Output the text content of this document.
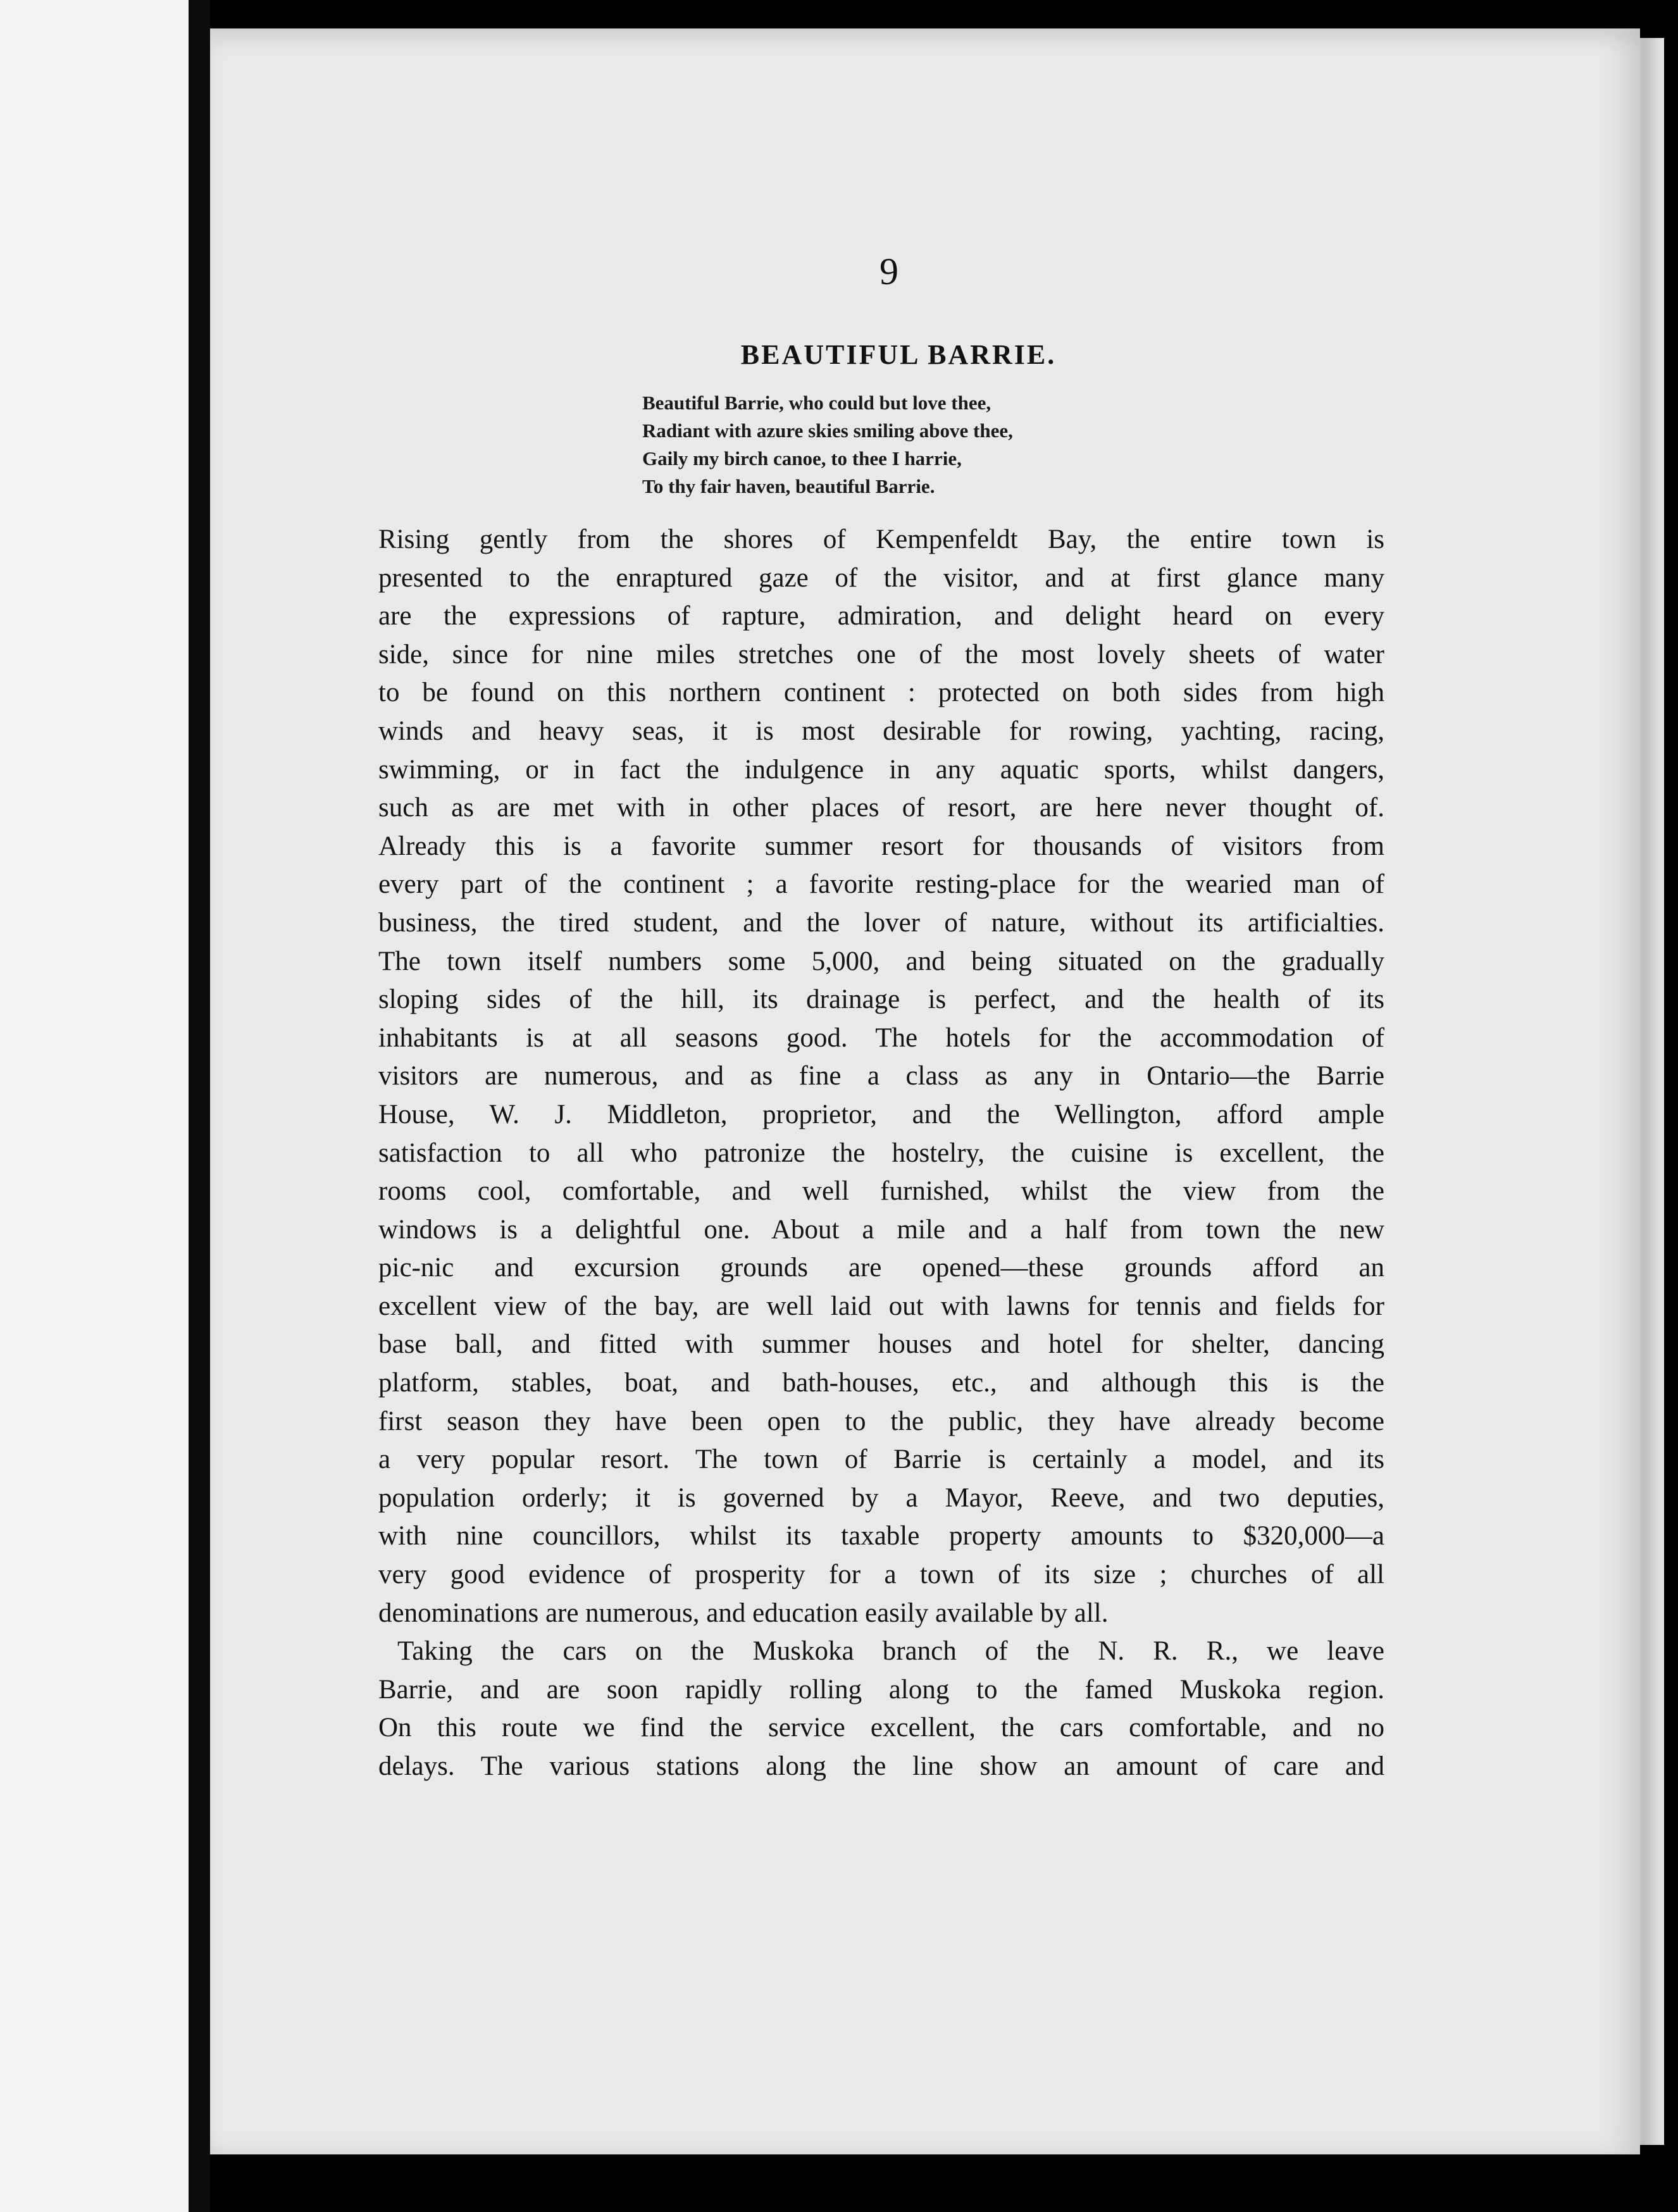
9
BEAUTIFUL BARRIE.
Beautiful Barrie, who could but love thee,
Radiant with azure skies smiling above thee,
Gaily my birch canoe, to thee I harrie,
To thy fair haven, beautiful Barrie.
Rising gently from the shores of Kempenfeldt Bay, the entire town is
presented to the enraptured gaze of the visitor, and at first glance many
are the expressions of rapture, admiration, and delight heard on every
side, since for nine miles stretches one of the most lovely sheets of water
to be found on this northern continent : protected on both sides from high
winds and heavy seas, it is most desirable for rowing, yachting, racing,
swimming, or in fact the indulgence in any aquatic sports, whilst dangers,
such as are met with in other places of resort, are here never thought of.
Already this is a favorite summer resort for thousands of visitors from
every part of the continent ; a favorite resting-place for the wearied man of
business, the tired student, and the lover of nature, without its artificialties.
The town itself numbers some 5,000, and being situated on the gradually
sloping sides of the hill, its drainage is perfect, and the health of its
inhabitants is at all seasons good. The hotels for the accommodation of
visitors are numerous, and as fine a class as any in Ontario—the Barrie
House, W. J. Middleton, proprietor, and the Wellington, afford ample
satisfaction to all who patronize the hostelry, the cuisine is excellent, the
rooms cool, comfortable, and well furnished, whilst the view from the
windows is a delightful one. About a mile and a half from town the new
pic-nic and excursion grounds are opened—these grounds afford an
excellent view of the bay, are well laid out with lawns for tennis and fields for
base ball, and fitted with summer houses and hotel for shelter, dancing
platform, stables, boat, and bath-houses, etc., and although this is the
first season they have been open to the public, they have already become
a very popular resort. The town of Barrie is certainly a model, and its
population orderly; it is governed by a Mayor, Reeve, and two deputies,
with nine councillors, whilst its taxable property amounts to $320,000—a
very good evidence of prosperity for a town of its size ; churches of all
denominations are numerous, and education easily available by all.
Taking the cars on the Muskoka branch of the N. R. R., we leave
Barrie, and are soon rapidly rolling along to the famed Muskoka region.
On this route we find the service excellent, the cars comfortable, and no
delays. The various stations along the line show an amount of care and
